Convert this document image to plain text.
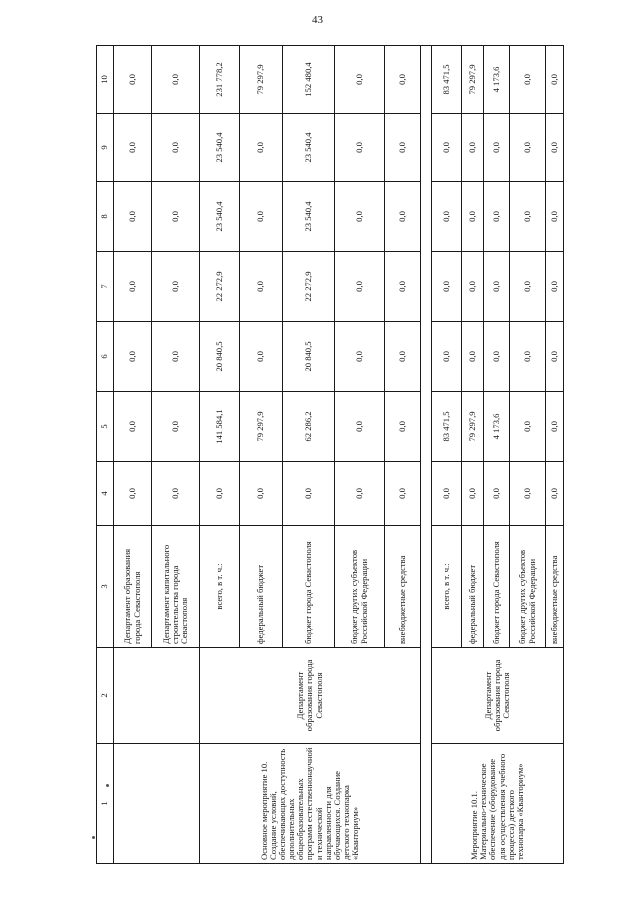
43
1	2	3	4	5	6	7	8	9	10
		Департамент образования города Севастополя	0,0	0,0	0,0	0,0	0,0	0,0	0,0
		Департамент капитального строительства города Севастополя	0,0	0,0	0,0	0,0	0,0	0,0	0,0
Основное мероприятие 10. Создание условий, обеспечивающих доступность дополнительных общеобразовательных программ естественнонаучной и технической направленности для обучающихся. Создание детского технопарка «Кванториум»	Департамент образования города Севастополя	всего, в т. ч.:	0,0	141 584,1	20 840,5	22 272,9	23 540,4	23 540,4	231 778,2
		федеральный бюджет	0,0	79 297,9	0,0	0,0	0,0	0,0	79 297,9
		бюджет города Севастополя	0,0	62 286,2	20 840,5	22 272,9	23 540,4	23 540,4	152 480,4
		бюджет других субъектов Российской Федерации	0,0	0,0	0,0	0,0	0,0	0,0	0,0
		внебюджетные средства	0,0	0,0	0,0	0,0	0,0	0,0	0,0

Мероприятие 10.1. Материально-техническое обеспечение (оборудование для осуществления учебного процесса) детского технопарка «Кванториум»	Департамент образования города Севастополя	всего, в т. ч.:	0,0	83 471,5	0,0	0,0	0,0	0,0	83 471,5
		федеральный бюджет	0,0	79 297,9	0,0	0,0	0,0	0,0	79 297,9
		бюджет города Севастополя	0,0	4 173,6	0,0	0,0	0,0	0,0	4 173,6
		бюджет других субъектов Российской Федерации	0,0	0,0	0,0	0,0	0,0	0,0	0,0
		внебюджетные средства	0,0	0,0	0,0	0,0	0,0	0,0	0,0
